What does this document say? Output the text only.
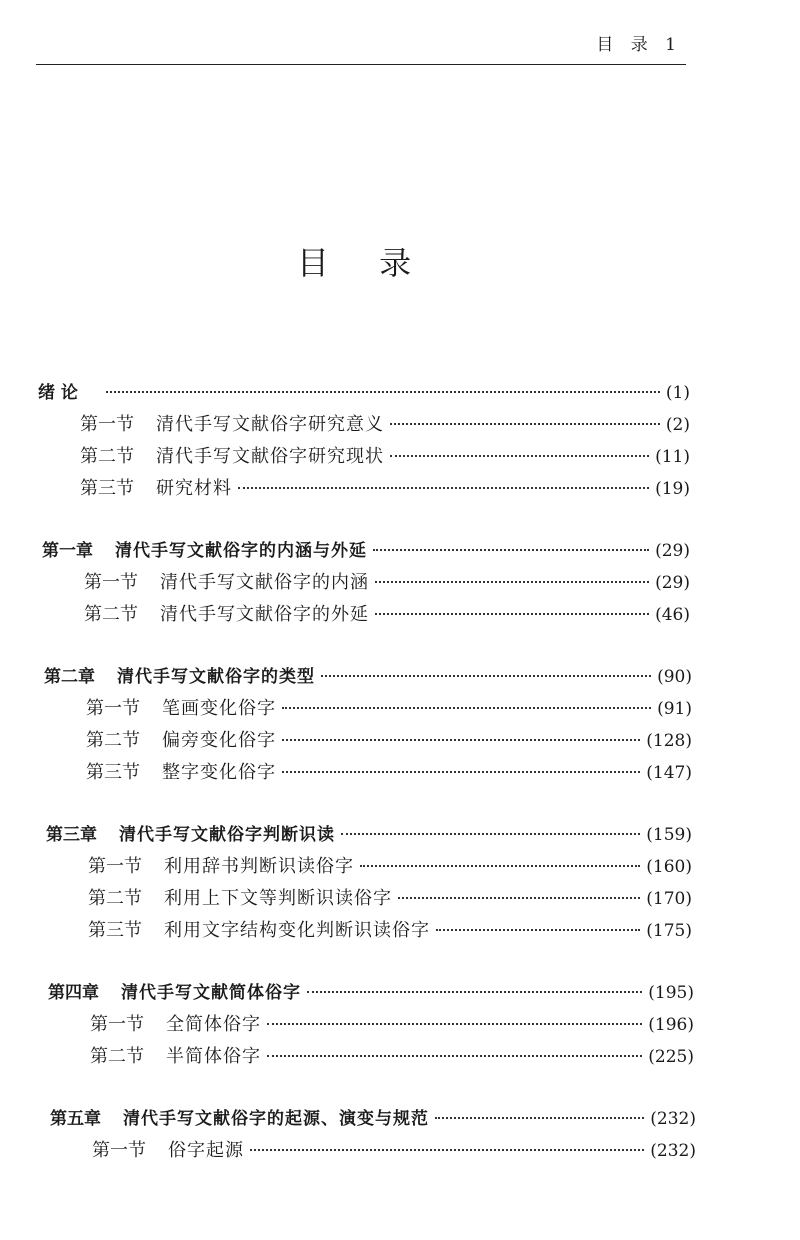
目 录 1
目 录
绪 论	(1)
第一节 清代手写文献俗字研究意义	(2)
第二节 清代手写文献俗字研究现状	(11)
第三节 研究材料	(19)
第一章 清代手写文献俗字的内涵与外延	(29)
第一节 清代手写文献俗字的内涵	(29)
第二节 清代手写文献俗字的外延	(46)
第二章 清代手写文献俗字的类型	(90)
第一节 笔画变化俗字	(91)
第二节 偏旁变化俗字	(128)
第三节 整字变化俗字	(147)
第三章 清代手写文献俗字判断识读	(159)
第一节 利用辞书判断识读俗字	(160)
第二节 利用上下文等判断识读俗字	(170)
第三节 利用文字结构变化判断识读俗字	(175)
第四章 清代手写文献简体俗字	(195)
第一节 全简体俗字	(196)
第二节 半简体俗字	(225)
第五章 清代手写文献俗字的起源、演变与规范	(232)
第一节 俗字起源	(232)
